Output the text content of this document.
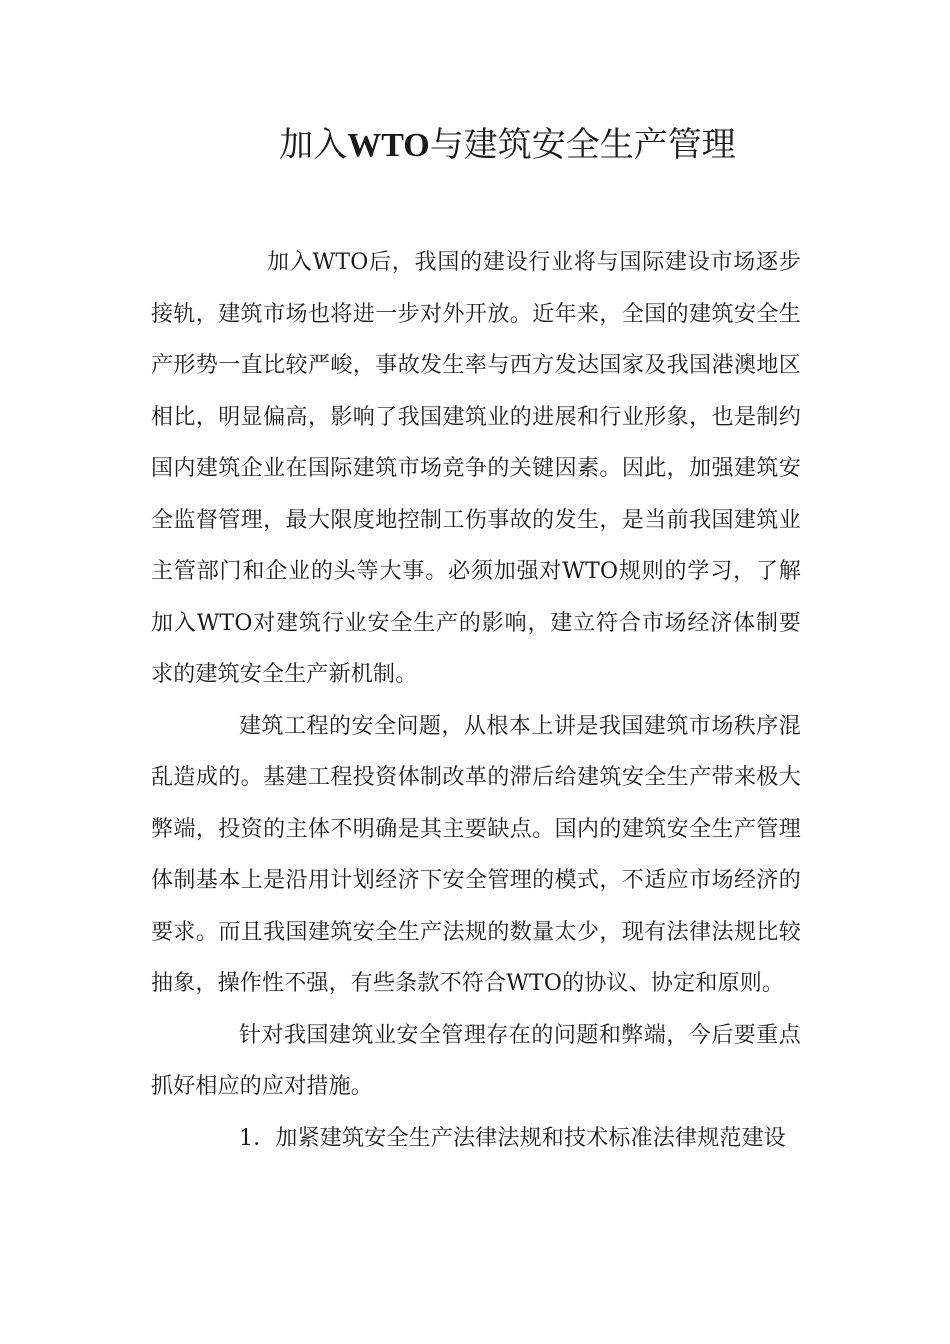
加入WTO与建筑安全生产管理

加入WTO后，我国的建设行业将与国际建设市场逐步接轨，建筑市场也将进一步对外开放。近年来，全国的建筑安全生产形势一直比较严峻，事故发生率与西方发达国家及我国港澳地区相比，明显偏高，影响了我国建筑业的进展和行业形象，也是制约国内建筑企业在国际建筑市场竞争的关键因素。因此，加强建筑安全监督管理，最大限度地控制工伤事故的发生，是当前我国建筑业主管部门和企业的头等大事。必须加强对WTO规则的学习，了解加入WTO对建筑行业安全生产的影响，建立符合市场经济体制要求的建筑安全生产新机制。

建筑工程的安全问题，从根本上讲是我国建筑市场秩序混乱造成的。基建工程投资体制改革的滞后给建筑安全生产带来极大弊端，投资的主体不明确是其主要缺点。国内的建筑安全生产管理体制基本上是沿用计划经济下安全管理的模式，不适应市场经济的要求。而且我国建筑安全生产法规的数量太少，现有法律法规比较抽象，操作性不强，有些条款不符合WTO的协议、协定和原则。

针对我国建筑业安全管理存在的问题和弊端，今后要重点抓好相应的应对措施。

1．加紧建筑安全生产法律法规和技术标准法律规范建设
